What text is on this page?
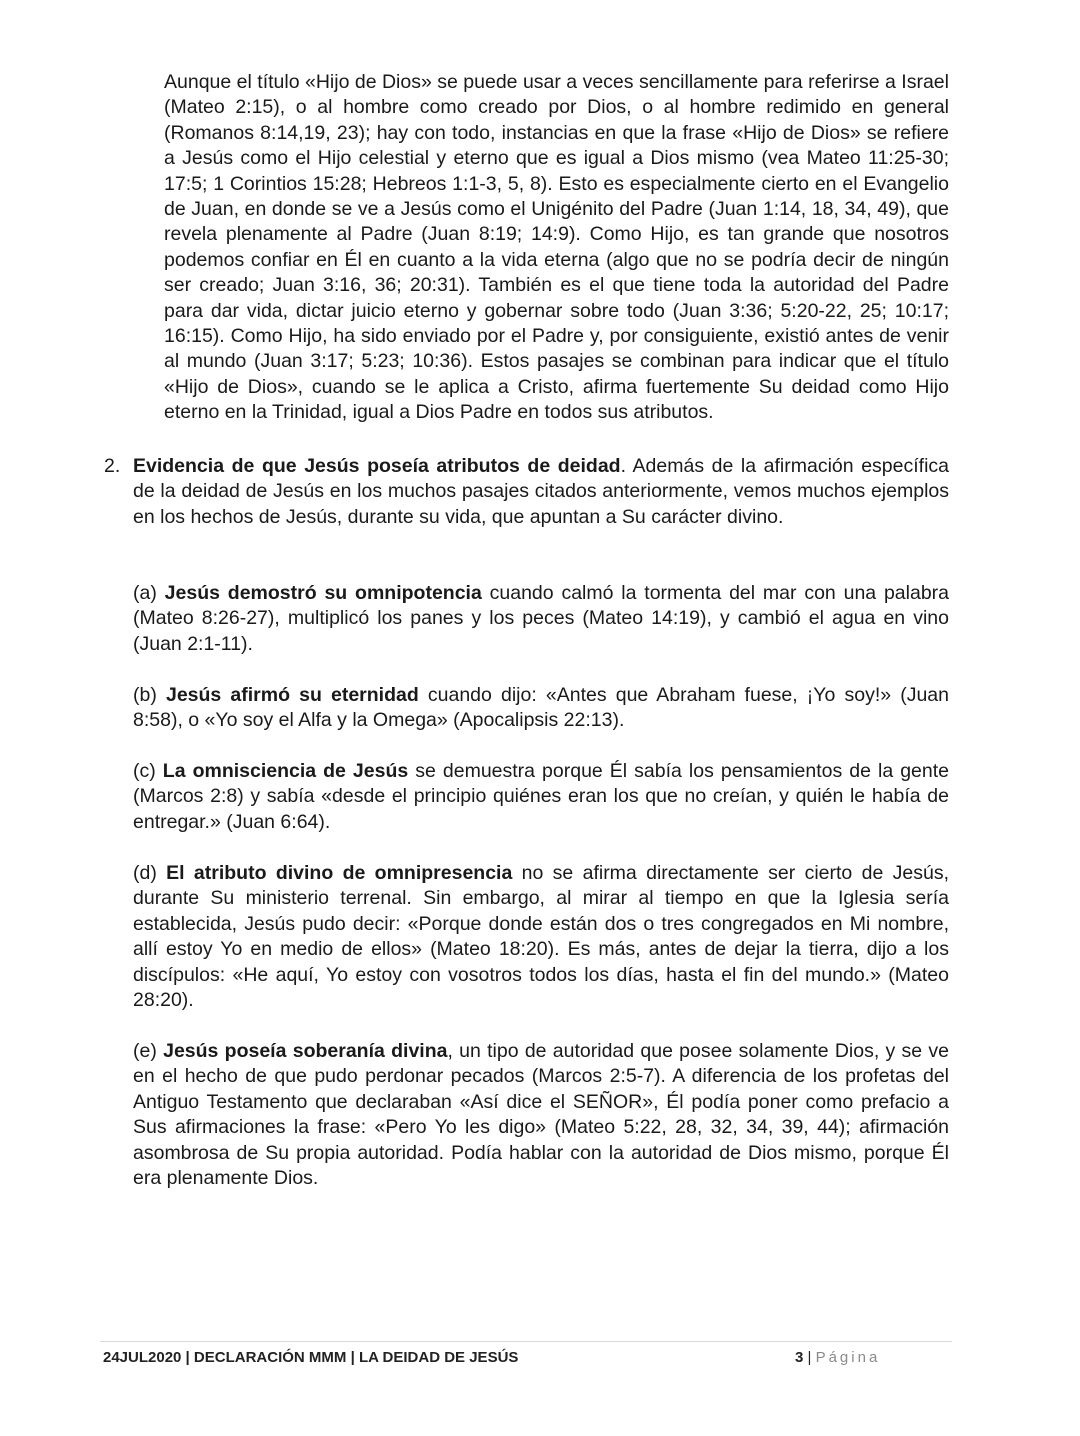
Aunque el título «Hijo de Dios» se puede usar a veces sencillamente para referirse a Israel (Mateo 2:15), o al hombre como creado por Dios, o al hombre redimido en general (Romanos 8:14,19, 23); hay con todo, instancias en que la frase «Hijo de Dios» se refiere a Jesús como el Hijo celestial y eterno que es igual a Dios mismo (vea Mateo 11:25-30; 17:5; 1 Corintios 15:28; Hebreos 1:1-3, 5, 8). Esto es especialmente cierto en el Evangelio de Juan, en donde se ve a Jesús como el Unigénito del Padre (Juan 1:14, 18, 34, 49), que revela plenamente al Padre (Juan 8:19; 14:9). Como Hijo, es tan grande que nosotros podemos confiar en Él en cuanto a la vida eterna (algo que no se podría decir de ningún ser creado; Juan 3:16, 36; 20:31). También es el que tiene toda la autoridad del Padre para dar vida, dictar juicio eterno y gobernar sobre todo (Juan 3:36; 5:20-22, 25; 10:17; 16:15). Como Hijo, ha sido enviado por el Padre y, por consiguiente, existió antes de venir al mundo (Juan 3:17; 5:23; 10:36). Estos pasajes se combinan para indicar que el título «Hijo de Dios», cuando se le aplica a Cristo, afirma fuertemente Su deidad como Hijo eterno en la Trinidad, igual a Dios Padre en todos sus atributos.

2. Evidencia de que Jesús poseía atributos de deidad. Además de la afirmación específica de la deidad de Jesús en los muchos pasajes citados anteriormente, vemos muchos ejemplos en los hechos de Jesús, durante su vida, que apuntan a Su carácter divino.

(a) Jesús demostró su omnipotencia cuando calmó la tormenta del mar con una palabra (Mateo 8:26-27), multiplicó los panes y los peces (Mateo 14:19), y cambió el agua en vino (Juan 2:1-11).

(b) Jesús afirmó su eternidad cuando dijo: «Antes que Abraham fuese, ¡Yo soy!» (Juan 8:58), o «Yo soy el Alfa y la Omega» (Apocalipsis 22:13).

(c) La omnisciencia de Jesús se demuestra porque Él sabía los pensamientos de la gente (Marcos 2:8) y sabía «desde el principio quiénes eran los que no creían, y quién le había de entregar.» (Juan 6:64).

(d) El atributo divino de omnipresencia no se afirma directamente ser cierto de Jesús, durante Su ministerio terrenal. Sin embargo, al mirar al tiempo en que la Iglesia sería establecida, Jesús pudo decir: «Porque donde están dos o tres congregados en Mi nombre, allí estoy Yo en medio de ellos» (Mateo 18:20). Es más, antes de dejar la tierra, dijo a los discípulos: «He aquí, Yo estoy con vosotros todos los días, hasta el fin del mundo.» (Mateo 28:20).

(e) Jesús poseía soberanía divina, un tipo de autoridad que posee solamente Dios, y se ve en el hecho de que pudo perdonar pecados (Marcos 2:5-7). A diferencia de los profetas del Antiguo Testamento que declaraban «Así dice el SEÑOR», Él podía poner como prefacio a Sus afirmaciones la frase: «Pero Yo les digo» (Mateo 5:22, 28, 32, 34, 39, 44); afirmación asombrosa de Su propia autoridad. Podía hablar con la autoridad de Dios mismo, porque Él era plenamente Dios.

24JUL2020 | DECLARACIÓN MMM | LA DEIDAD DE JESÚS	3 | Página
